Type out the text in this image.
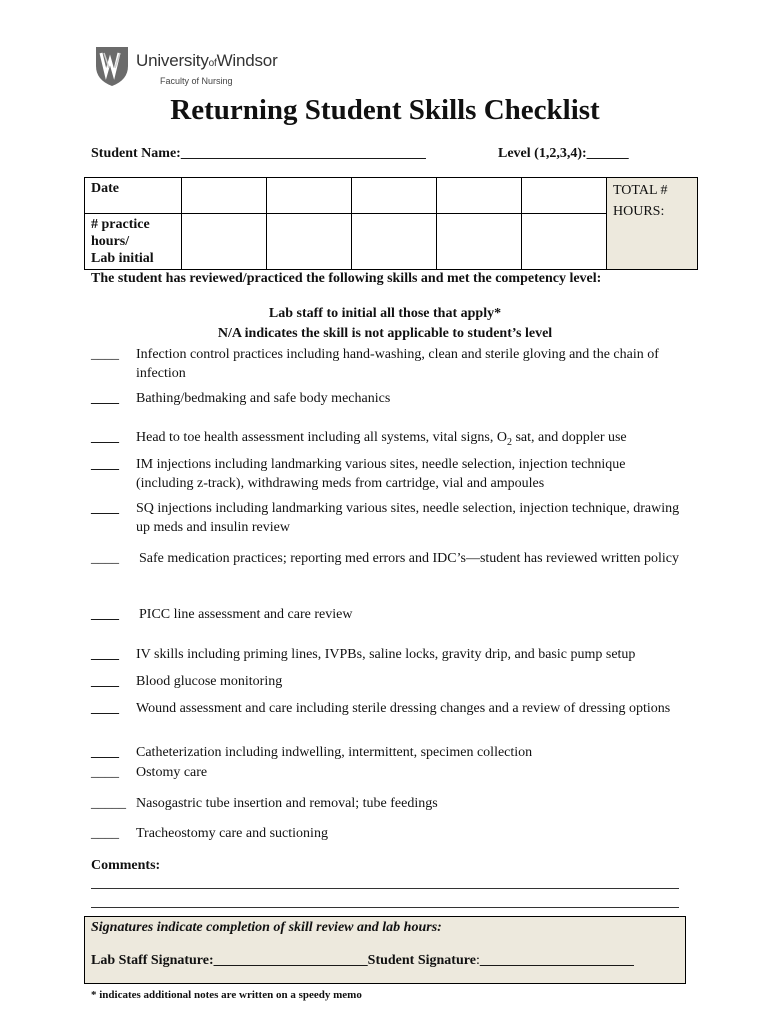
UniversityofWindsor
Faculty of Nursing
Returning Student Skills Checklist
Student Name:___________________________________	Level (1,2,3,4):______
Date						TOTAL #
HOURS:

# practice
hours/
Lab initial						

The student has reviewed/practiced the following skills and met the competency level:
Lab staff to initial all those that apply*
N/A indicates the skill is not applicable to student’s level
____ Infection control practices including hand-washing, clean and sterile gloving and the chain of infection
____ Bathing/bedmaking and safe body mechanics
____ Head to toe health assessment including all systems, vital signs, $O_2$ sat, and doppler use
____ IM injections including landmarking various sites, needle selection, injection technique (including z-track), withdrawing meds from cartridge, vial and ampoules
____ SQ injections including landmarking various sites, needle selection, injection technique, drawing up meds and insulin review
____ Safe medication practices; reporting med errors and IDC’s—student has reviewed written policy
____ PICC line assessment and care review
____ IV skills including priming lines, IVPBs, saline locks, gravity drip, and basic pump setup
____ Blood glucose monitoring
____ Wound assessment and care including sterile dressing changes and a review of dressing options
____ Catheterization including indwelling, intermittent, specimen collection
____ Ostomy care
_____ Nasogastric tube insertion and removal; tube feedings
____ Tracheostomy care and suctioning
Comments:
Signatures indicate completion of skill review and lab hours:
Lab Staff Signature:______________________Student Signature:______________________
* indicates additional notes are written on a speedy memo
